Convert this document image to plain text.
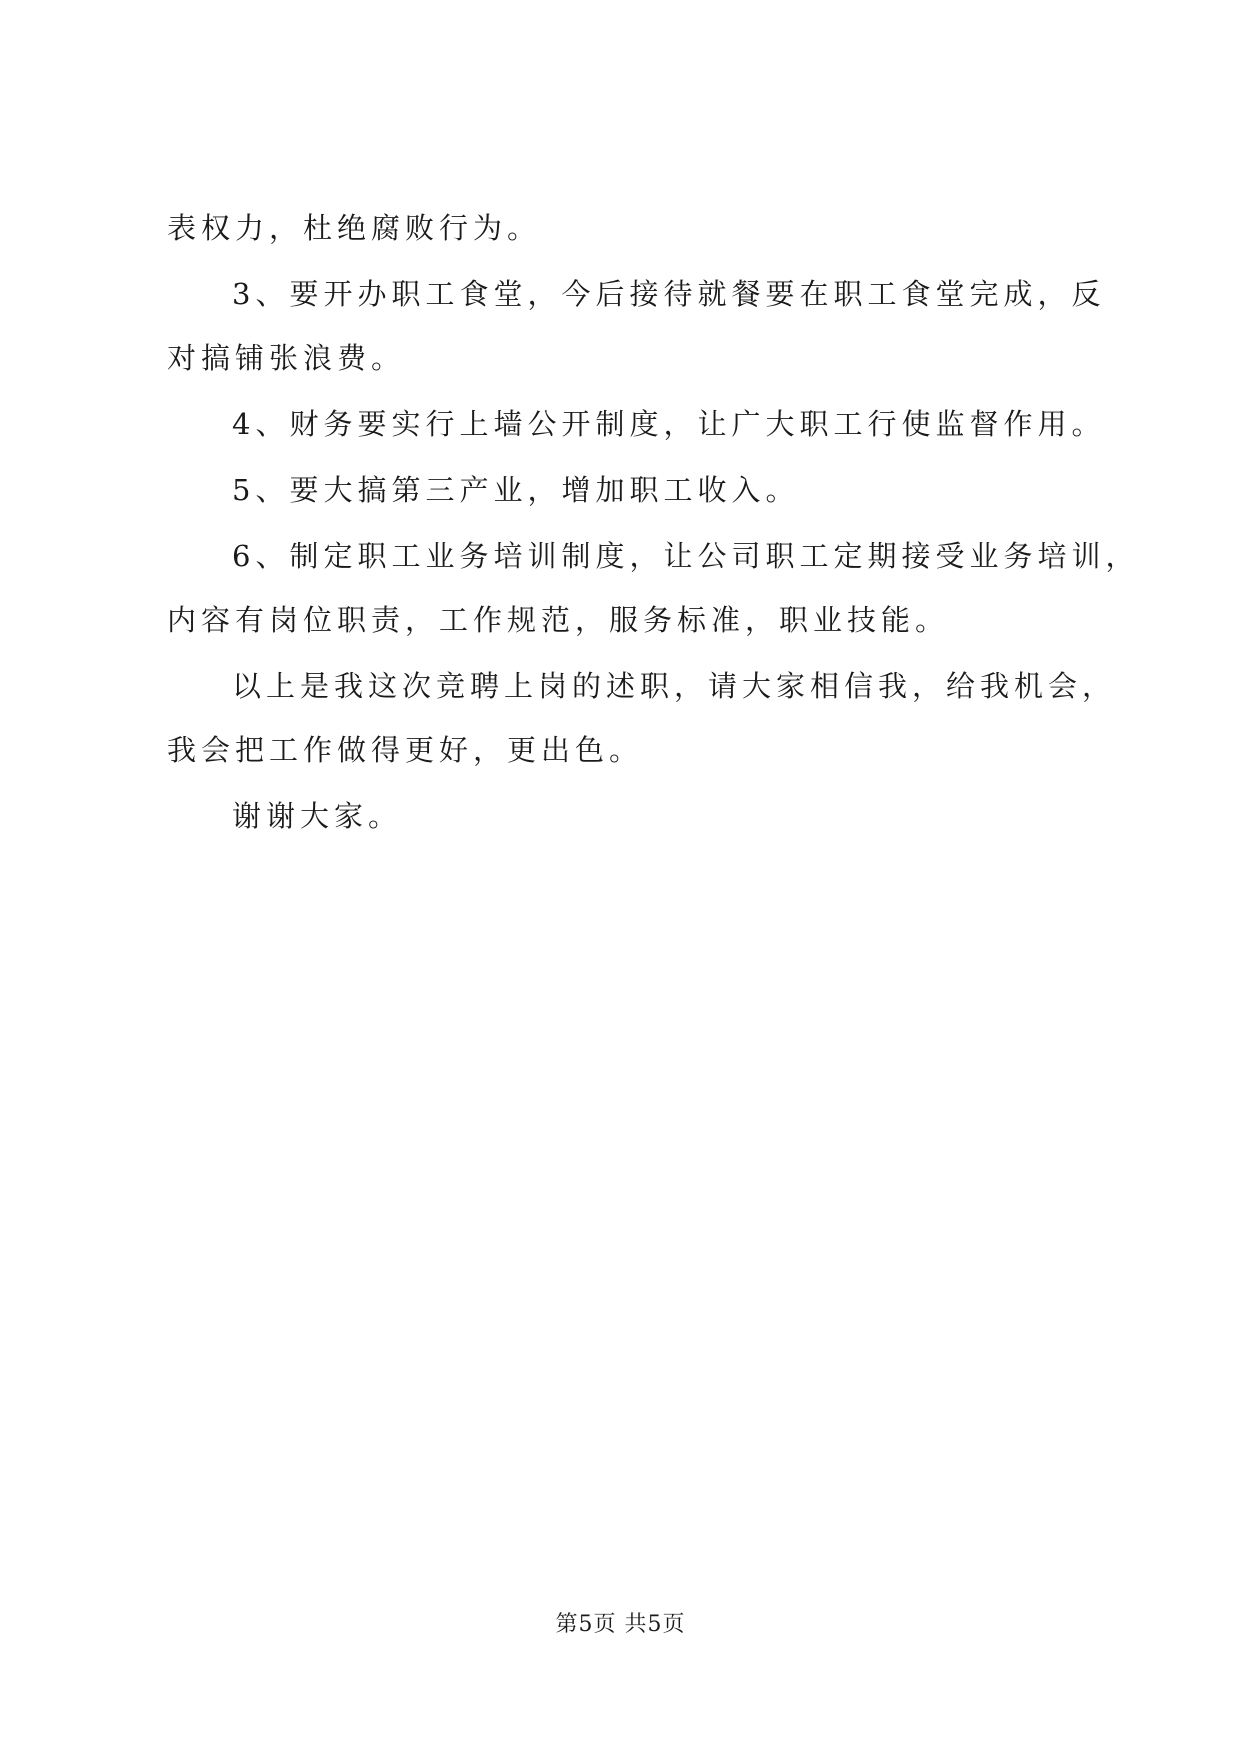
表权力，杜绝腐败行为。
3、要开办职工食堂，今后接待就餐要在职工食堂完成，反
对搞铺张浪费。
4、财务要实行上墙公开制度，让广大职工行使监督作用。
5、要大搞第三产业，增加职工收入。
6、制定职工业务培训制度，让公司职工定期接受业务培训，
内容有岗位职责，工作规范，服务标准，职业技能。
以上是我这次竞聘上岗的述职，请大家相信我，给我机会，
我会把工作做得更好，更出色。
谢谢大家。
第5页 共5页
